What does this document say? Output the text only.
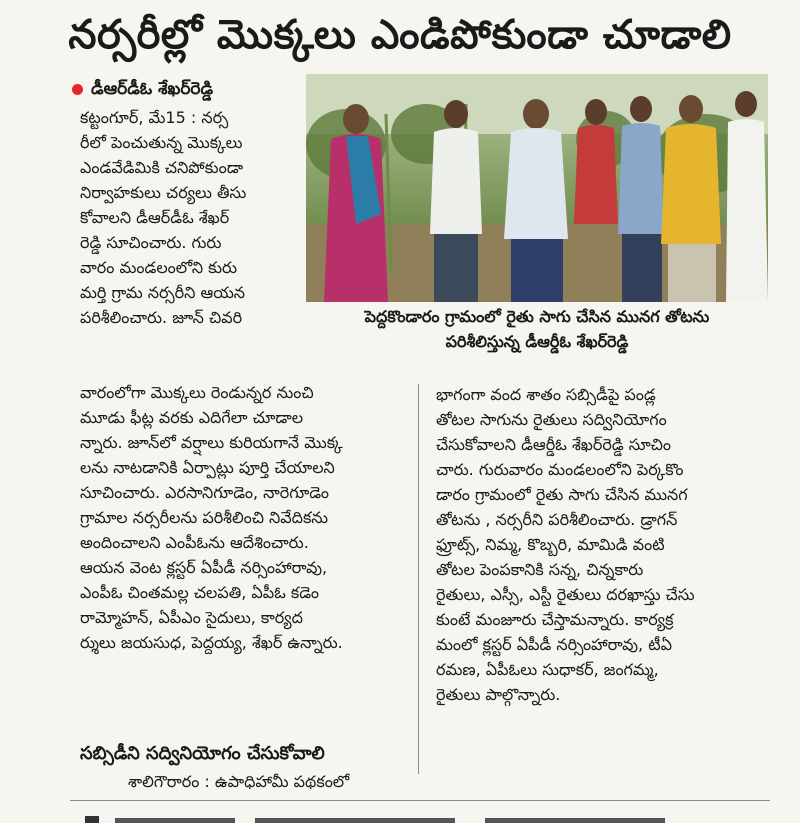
నర్సరీల్లో మొక్కలు ఎండిపోకుండా చూడాలి
డీఆర్‌డీఓ శేఖర్‌రెడ్డి

కట్టంగూర్, మే15 : నర్స

రీలో పెంచుతున్న మొక్కలు

ఎండవేడిమికి చనిపోకుండా

నిర్వాహకులు చర్యలు తీసు

కోవాలని డీఆర్‌డీఓ శేఖర్

రెడ్డి సూచించారు. గురు

వారం మండలంలోని కురు

మర్తి గ్రామ నర్సరీని ఆయన

పరిశీలించారు. జూన్ చివరి	పెద్దకొండారం గ్రామంలో రైతు సాగు చేసిన మునగ తోటను
పరిశీలిస్తున్న డీఆర్డీఓ శేఖర్‌రెడ్డి

వారంలోగా మొక్కలు రెండున్నర నుంచి

మూడు ఫీట్ల వరకు ఎదిగేలా చూడాల

న్నారు. జూన్‌లో వర్షాలు కురియగానే మొక్క

లను నాటడానికి ఏర్పాట్లు పూర్తి చేయాలని

సూచించారు. ఎరసానిగూడెం, నారెగూడెం

గ్రామాల నర్సరీలను పరిశీలించి నివేదికను

అందించాలని ఎంపీఓను ఆదేశించారు.

ఆయన వెంట క్లస్టర్ ఏపీడీ నర్సింహారావు,

ఎంపీఓ చింతమల్ల చలపతి, ఏపీఓ కడెం

రామ్మోహన్, ఏపీఎం సైదులు, కార్యద

ర్శులు జయసుధ, పెద్దయ్య, శేఖర్ ఉన్నారు.

సబ్సిడీని సద్వినియోగం చేసుకోవాలి
శాలిగౌరారం : ఉపాధిహామీ పథకంలో

భాగంగా వంద శాతం సబ్సిడీపై పండ్ల

తోటల సాగును రైతులు సద్వినియోగం

చేసుకోవాలని డీఆర్డీఓ శేఖర్‌రెడ్డి సూచిం

చారు. గురువారం మండలంలోని పెర్కకొం

డారం గ్రామంలో రైతు సాగు చేసిన మునగ

తోటను , నర్సరీని పరిశీలించారు. డ్రాగన్

ఫ్రూట్స్, నిమ్మ, కొబ్బరి, మామిడి వంటి

తోటల పెంపకానికి సన్న, చిన్నకారు

రైతులు, ఎస్సీ, ఎస్టీ రైతులు దరఖాస్తు చేసు

కుంటే మంజూరు చేస్తామన్నారు. కార్యక్ర

మంలో క్లస్టర్ ఏపీడీ నర్సింహారావు, టీఏ

రమణ, ఏపీఓలు సుధాకర్, జంగమ్మ,

రైతులు పాల్గొన్నారు.
